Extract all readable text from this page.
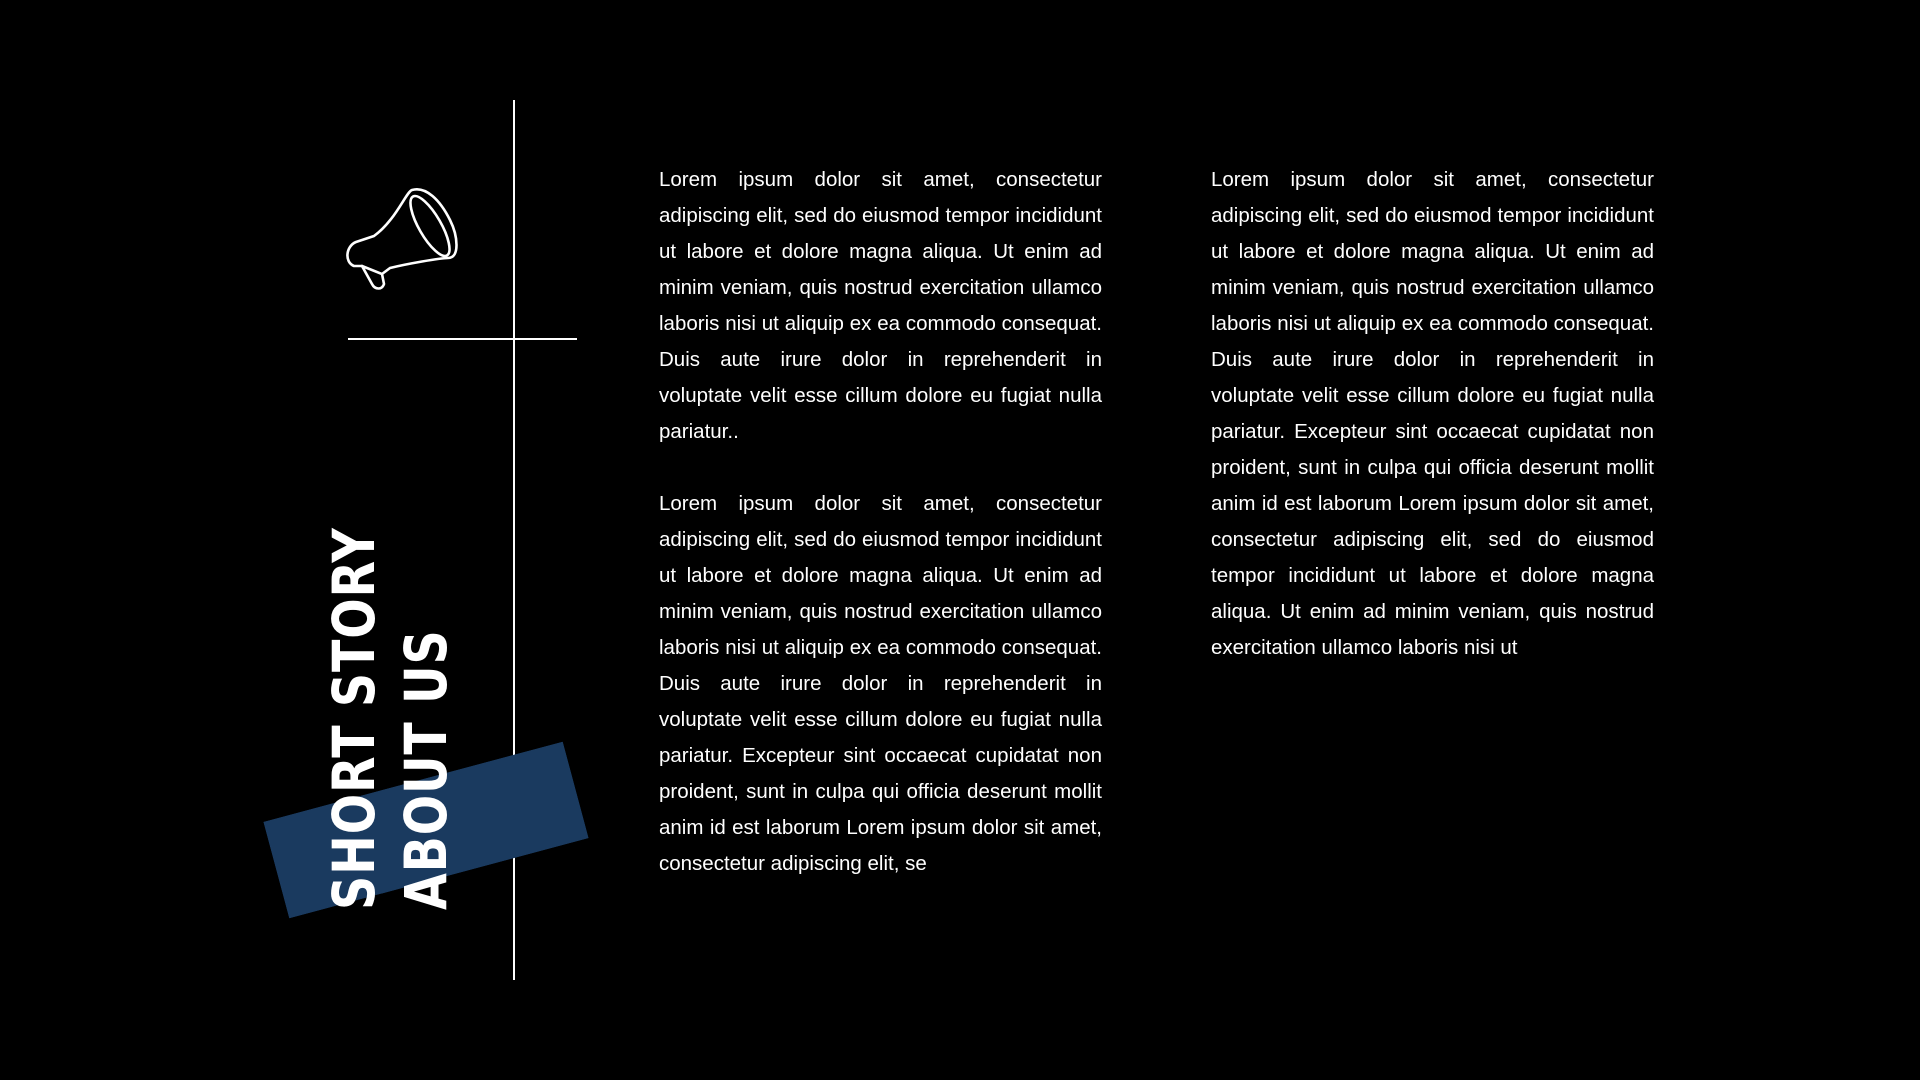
SHORT STORY ABOUT US

Lorem ipsum dolor sit amet, consectetur adipiscing elit, sed do eiusmod tempor incididunt ut labore et dolore magna aliqua. Ut enim ad minim veniam, quis nostrud exercitation ullamco laboris nisi ut aliquip ex ea commodo consequat. Duis aute irure dolor in reprehenderit in voluptate velit esse cillum dolore eu fugiat nulla pariatur..

Lorem ipsum dolor sit amet, consectetur adipiscing elit, sed do eiusmod tempor incididunt ut labore et dolore magna aliqua. Ut enim ad minim veniam, quis nostrud exercitation ullamco laboris nisi ut aliquip ex ea commodo consequat. Duis aute irure dolor in reprehenderit in voluptate velit esse cillum dolore eu fugiat nulla pariatur. Excepteur sint occaecat cupidatat non proident, sunt in culpa qui officia deserunt mollit anim id est laborum Lorem ipsum dolor sit amet, consectetur adipiscing elit, se

Lorem ipsum dolor sit amet, consectetur adipiscing elit, sed do eiusmod tempor incididunt ut labore et dolore magna aliqua. Ut enim ad minim veniam, quis nostrud exercitation ullamco laboris nisi ut aliquip ex ea commodo consequat. Duis aute irure dolor in reprehenderit in voluptate velit esse cillum dolore eu fugiat nulla pariatur. Excepteur sint occaecat cupidatat non proident, sunt in culpa qui officia deserunt mollit anim id est laborum Lorem ipsum dolor sit amet, consectetur adipiscing elit, sed do eiusmod tempor incididunt ut labore et dolore magna aliqua. Ut enim ad minim veniam, quis nostrud exercitation ullamco laboris nisi ut
